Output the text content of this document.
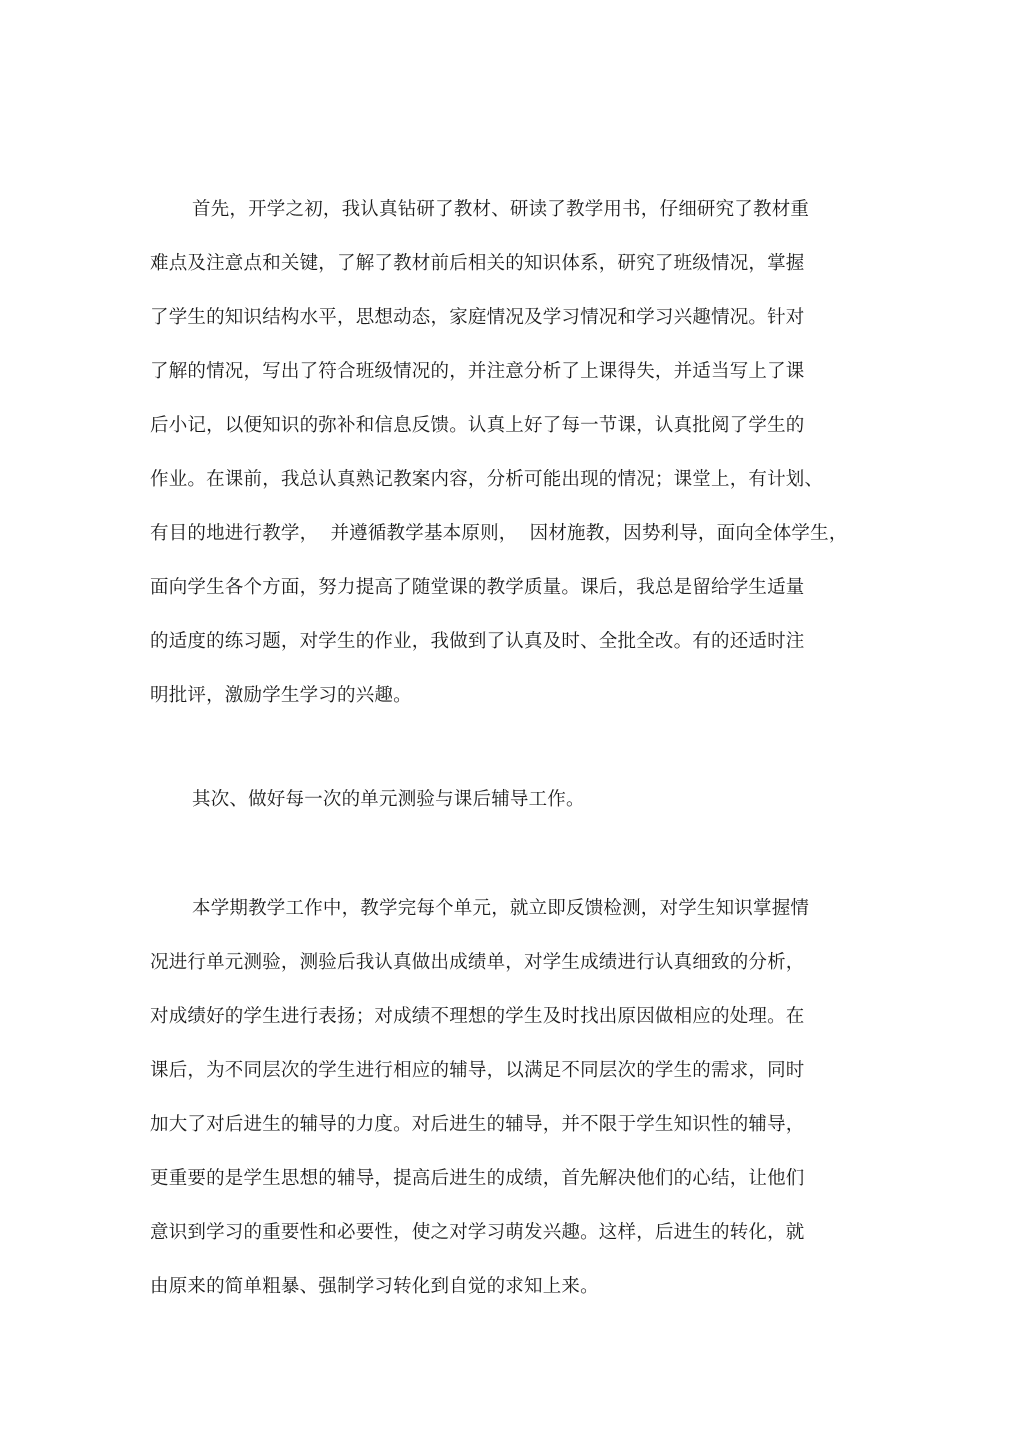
首先，开学之初，我认真钻研了教材、研读了教学用书，仔细研究了教材重
难点及注意点和关键，了解了教材前后相关的知识体系，研究了班级情况，掌握
了学生的知识结构水平，思想动态，家庭情况及学习情况和学习兴趣情况。针对
了解的情况，写出了符合班级情况的，并注意分析了上课得失，并适当写上了课
后小记，以便知识的弥补和信息反馈。认真上好了每一节课，认真批阅了学生的
作业。在课前，我总认真熟记教案内容，分析可能出现的情况；课堂上，有计划、
有目的地进行教学，  并遵循教学基本原则，  因材施教，因势利导，面向全体学生，
面向学生各个方面，努力提高了随堂课的教学质量。课后，我总是留给学生适量
的适度的练习题，对学生的作业，我做到了认真及时、全批全改。有的还适时注
明批评，激励学生学习的兴趣。
其次、做好每一次的单元测验与课后辅导工作。
本学期教学工作中，教学完每个单元，就立即反馈检测，对学生知识掌握情
况进行单元测验，测验后我认真做出成绩单，对学生成绩进行认真细致的分析，
对成绩好的学生进行表扬；对成绩不理想的学生及时找出原因做相应的处理。在
课后，为不同层次的学生进行相应的辅导，以满足不同层次的学生的需求，同时
加大了对后进生的辅导的力度。对后进生的辅导，并不限于学生知识性的辅导，
更重要的是学生思想的辅导，提高后进生的成绩，首先解决他们的心结，让他们
意识到学习的重要性和必要性，使之对学习萌发兴趣。这样，后进生的转化，就
由原来的简单粗暴、强制学习转化到自觉的求知上来。
